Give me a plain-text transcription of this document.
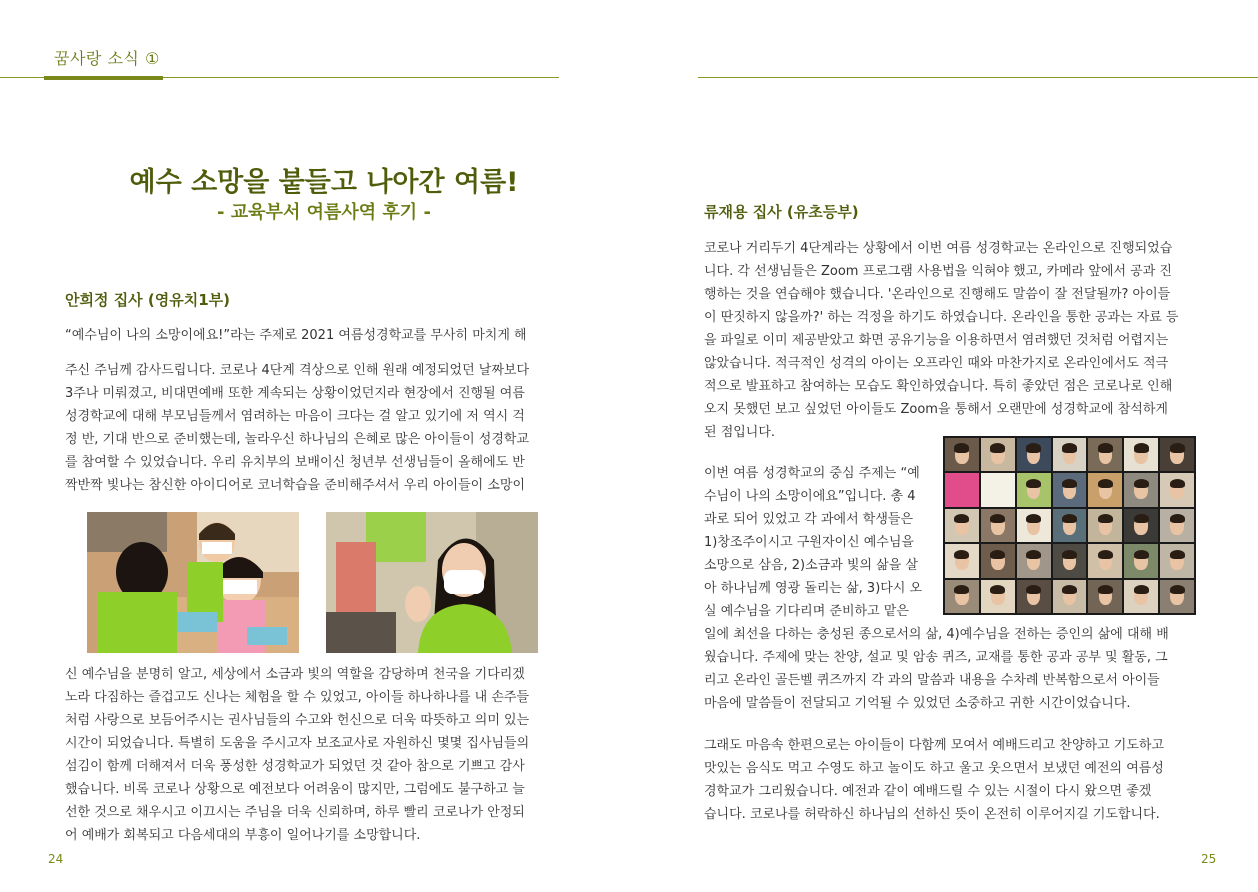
꿈사랑 소식 ①
예수 소망을 붙들고 나아간 여름!
- 교육부서 여름사역 후기 -
안희정 집사 (영유치1부)
“예수님이 나의 소망이에요!”라는 주제로 2021 여름성경학교를 무사히 마치게 해
주신 주님께 감사드립니다. 코로나 4단계 격상으로 인해 원래 예정되었던 날짜보다
3주나 미뤄졌고, 비대면예배 또한 계속되는 상황이었던지라 현장에서 진행될 여름
성경학교에 대해 부모님들께서 염려하는 마음이 크다는 걸 알고 있기에 저 역시 걱
정 반, 기대 반으로 준비했는데, 놀라우신 하나님의 은혜로 많은 아이들이 성경학교
를 참여할 수 있었습니다. 우리 유치부의 보배이신 청년부 선생님들이 올해에도 반
짝반짝 빛나는 참신한 아이디어로 코너학습을 준비해주셔서 우리 아이들이 소망이
신 예수님을 분명히 알고, 세상에서 소금과 빛의 역할을 감당하며 천국을 기다리겠
노라 다짐하는 즐겁고도 신나는 체험을 할 수 있었고, 아이들 하나하나를 내 손주들
처럼 사랑으로 보듬어주시는 권사님들의 수고와 헌신으로 더욱 따뜻하고 의미 있는
시간이 되었습니다. 특별히 도움을 주시고자 보조교사로 자원하신 몇몇 집사님들의
섬김이 함께 더해져서 더욱 풍성한 성경학교가 되었던 것 같아 참으로 기쁘고 감사
했습니다. 비록 코로나 상황으로 예전보다 어려움이 많지만, 그럼에도 불구하고 늘
선한 것으로 채우시고 이끄시는 주님을 더욱 신뢰하며, 하루 빨리 코로나가 안정되
어 예배가 회복되고 다음세대의 부흥이 일어나기를 소망합니다.
24
류재용 집사 (유초등부)
코로나 거리두기 4단계라는 상황에서 이번 여름 성경학교는 온라인으로 진행되었습
니다. 각 선생님들은 Zoom 프로그램 사용법을 익혀야 했고, 카메라 앞에서 공과 진
행하는 것을 연습해야 했습니다. '온라인으로 진행해도 말씀이 잘 전달될까? 아이들
이 딴짓하지 않을까?' 하는 걱정을 하기도 하였습니다. 온라인을 통한 공과는 자료 등
을 파일로 이미 제공받았고 화면 공유기능을 이용하면서 염려했던 것처럼 어렵지는
않았습니다. 적극적인 성격의 아이는 오프라인 때와 마찬가지로 온라인에서도 적극
적으로 발표하고 참여하는 모습도 확인하였습니다. 특히 좋았던 점은 코로나로 인해
오지 못했던 보고 싶었던 아이들도 Zoom을 통해서 오랜만에 성경학교에 참석하게
된 점입니다.
이번 여름 성경학교의 중심 주제는 “예
수님이 나의 소망이에요”입니다. 총 4
과로 되어 있었고 각 과에서 학생들은
1)창조주이시고 구원자이신 예수님을
소망으로 삼음, 2)소금과 빛의 삶을 살
아 하나님께 영광 돌리는 삶, 3)다시 오
실 예수님을 기다리며 준비하고 맡은
일에 최선을 다하는 충성된 종으로서의 삶, 4)예수님을 전하는 증인의 삶에 대해 배
웠습니다. 주제에 맞는 찬양, 설교 및 암송 퀴즈, 교재를 통한 공과 공부 및 활동, 그
리고 온라인 골든벨 퀴즈까지 각 과의 말씀과 내용을 수차례 반복함으로서 아이들
마음에 말씀들이 전달되고 기억될 수 있었던 소중하고 귀한 시간이었습니다.
그래도 마음속 한편으로는 아이들이 다함께 모여서 예배드리고 찬양하고 기도하고
맛있는 음식도 먹고 수영도 하고 놀이도 하고 울고 웃으면서 보냈던 예전의 여름성
경학교가 그리웠습니다. 예전과 같이 예배드릴 수 있는 시절이 다시 왔으면 좋겠
습니다. 코로나를 허락하신 하나님의 선하신 뜻이 온전히 이루어지길 기도합니다.
25
